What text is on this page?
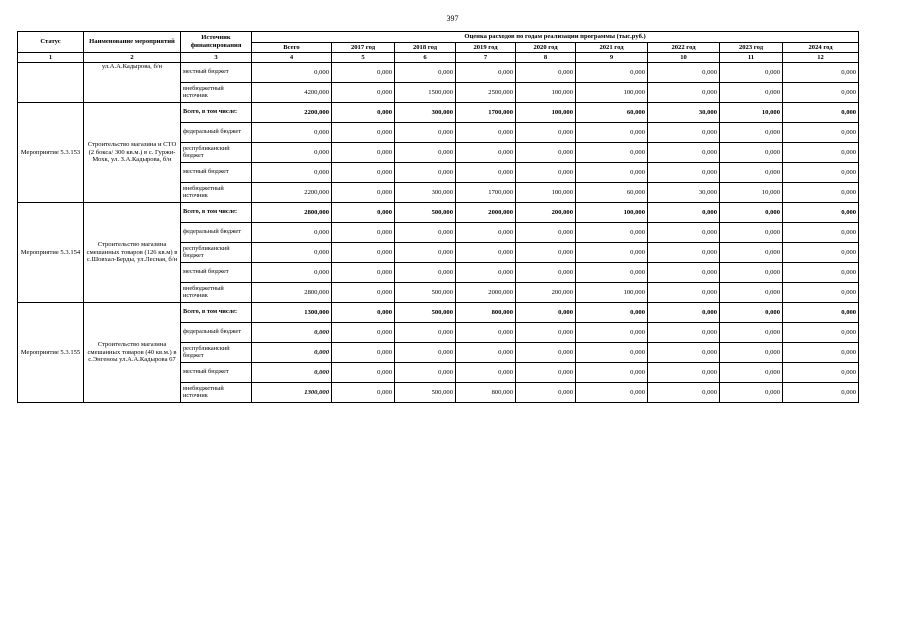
397
Статус	Наименование мероприятий	Источник финансирования	Оценка расходов по годам реализации программы (тыс.руб.)								
			Всего	2017 год	2018 год	2019 год	2020 год	2021 год	2022 год	2023 год	2024 год
1	2	3	4	5	6	7	8	9	10	11	12
	ул.А.А.Кадырова, б/н	местный бюджет	0,000	0,000	0,000	0,000	0,000	0,000	0,000	0,000	0,000
		внебюджетный источник	4200,000	0,000	1500,000	2500,000	100,000	100,000	0,000	0,000	0,000
Мероприятие 5.3.153	Строительство магазина и СТО (2 бокса/ 300 кв.м.) в с. Гуржи-Мохк, ул. З.А.Кадырова, б/н	Всего, в том числе:	2200,000	0,000	300,000	1700,000	100,000	60,000	30,000	10,000	0,000
		федеральный бюджет	0,000	0,000	0,000	0,000	0,000	0,000	0,000	0,000	0,000
		республиканский бюджет	0,000	0,000	0,000	0,000	0,000	0,000	0,000	0,000	0,000
		местный бюджет	0,000	0,000	0,000	0,000	0,000	0,000	0,000	0,000	0,000
		внебюджетный источник	2200,000	0,000	300,000	1700,000	100,000	60,000	30,000	10,000	0,000
Мероприятие 5.3.154	Строительство магазина смешанных товаров (126 кв.м) в с.Шовхал-Берды, ул.Лесная, б/н	Всего, в том числе:	2800,000	0,000	500,000	2000,000	200,000	100,000	0,000	0,000	0,000
		федеральный бюджет	0,000	0,000	0,000	0,000	0,000	0,000	0,000	0,000	0,000
		республиканский бюджет	0,000	0,000	0,000	0,000	0,000	0,000	0,000	0,000	0,000
		местный бюджет	0,000	0,000	0,000	0,000	0,000	0,000	0,000	0,000	0,000
		внебюджетный источник	2800,000	0,000	500,000	2000,000	200,000	100,000	0,000	0,000	0,000
Мероприятие 5.3.155	Строительство магазина смешанных товаров (40 кв.м.) в с.Энгеноы ул.А.А.Кадырова 67	Всего, в том числе:	1300,000	0,000	500,000	800,000	0,000	0,000	0,000	0,000	0,000
		федеральный бюджет	0,000	0,000	0,000	0,000	0,000	0,000	0,000	0,000	0,000
		республиканский бюджет	0,000	0,000	0,000	0,000	0,000	0,000	0,000	0,000	0,000
		местный бюджет	0,000	0,000	0,000	0,000	0,000	0,000	0,000	0,000	0,000
		внебюджетный источник	1300,000	0,000	500,000	800,000	0,000	0,000	0,000	0,000	0,000
